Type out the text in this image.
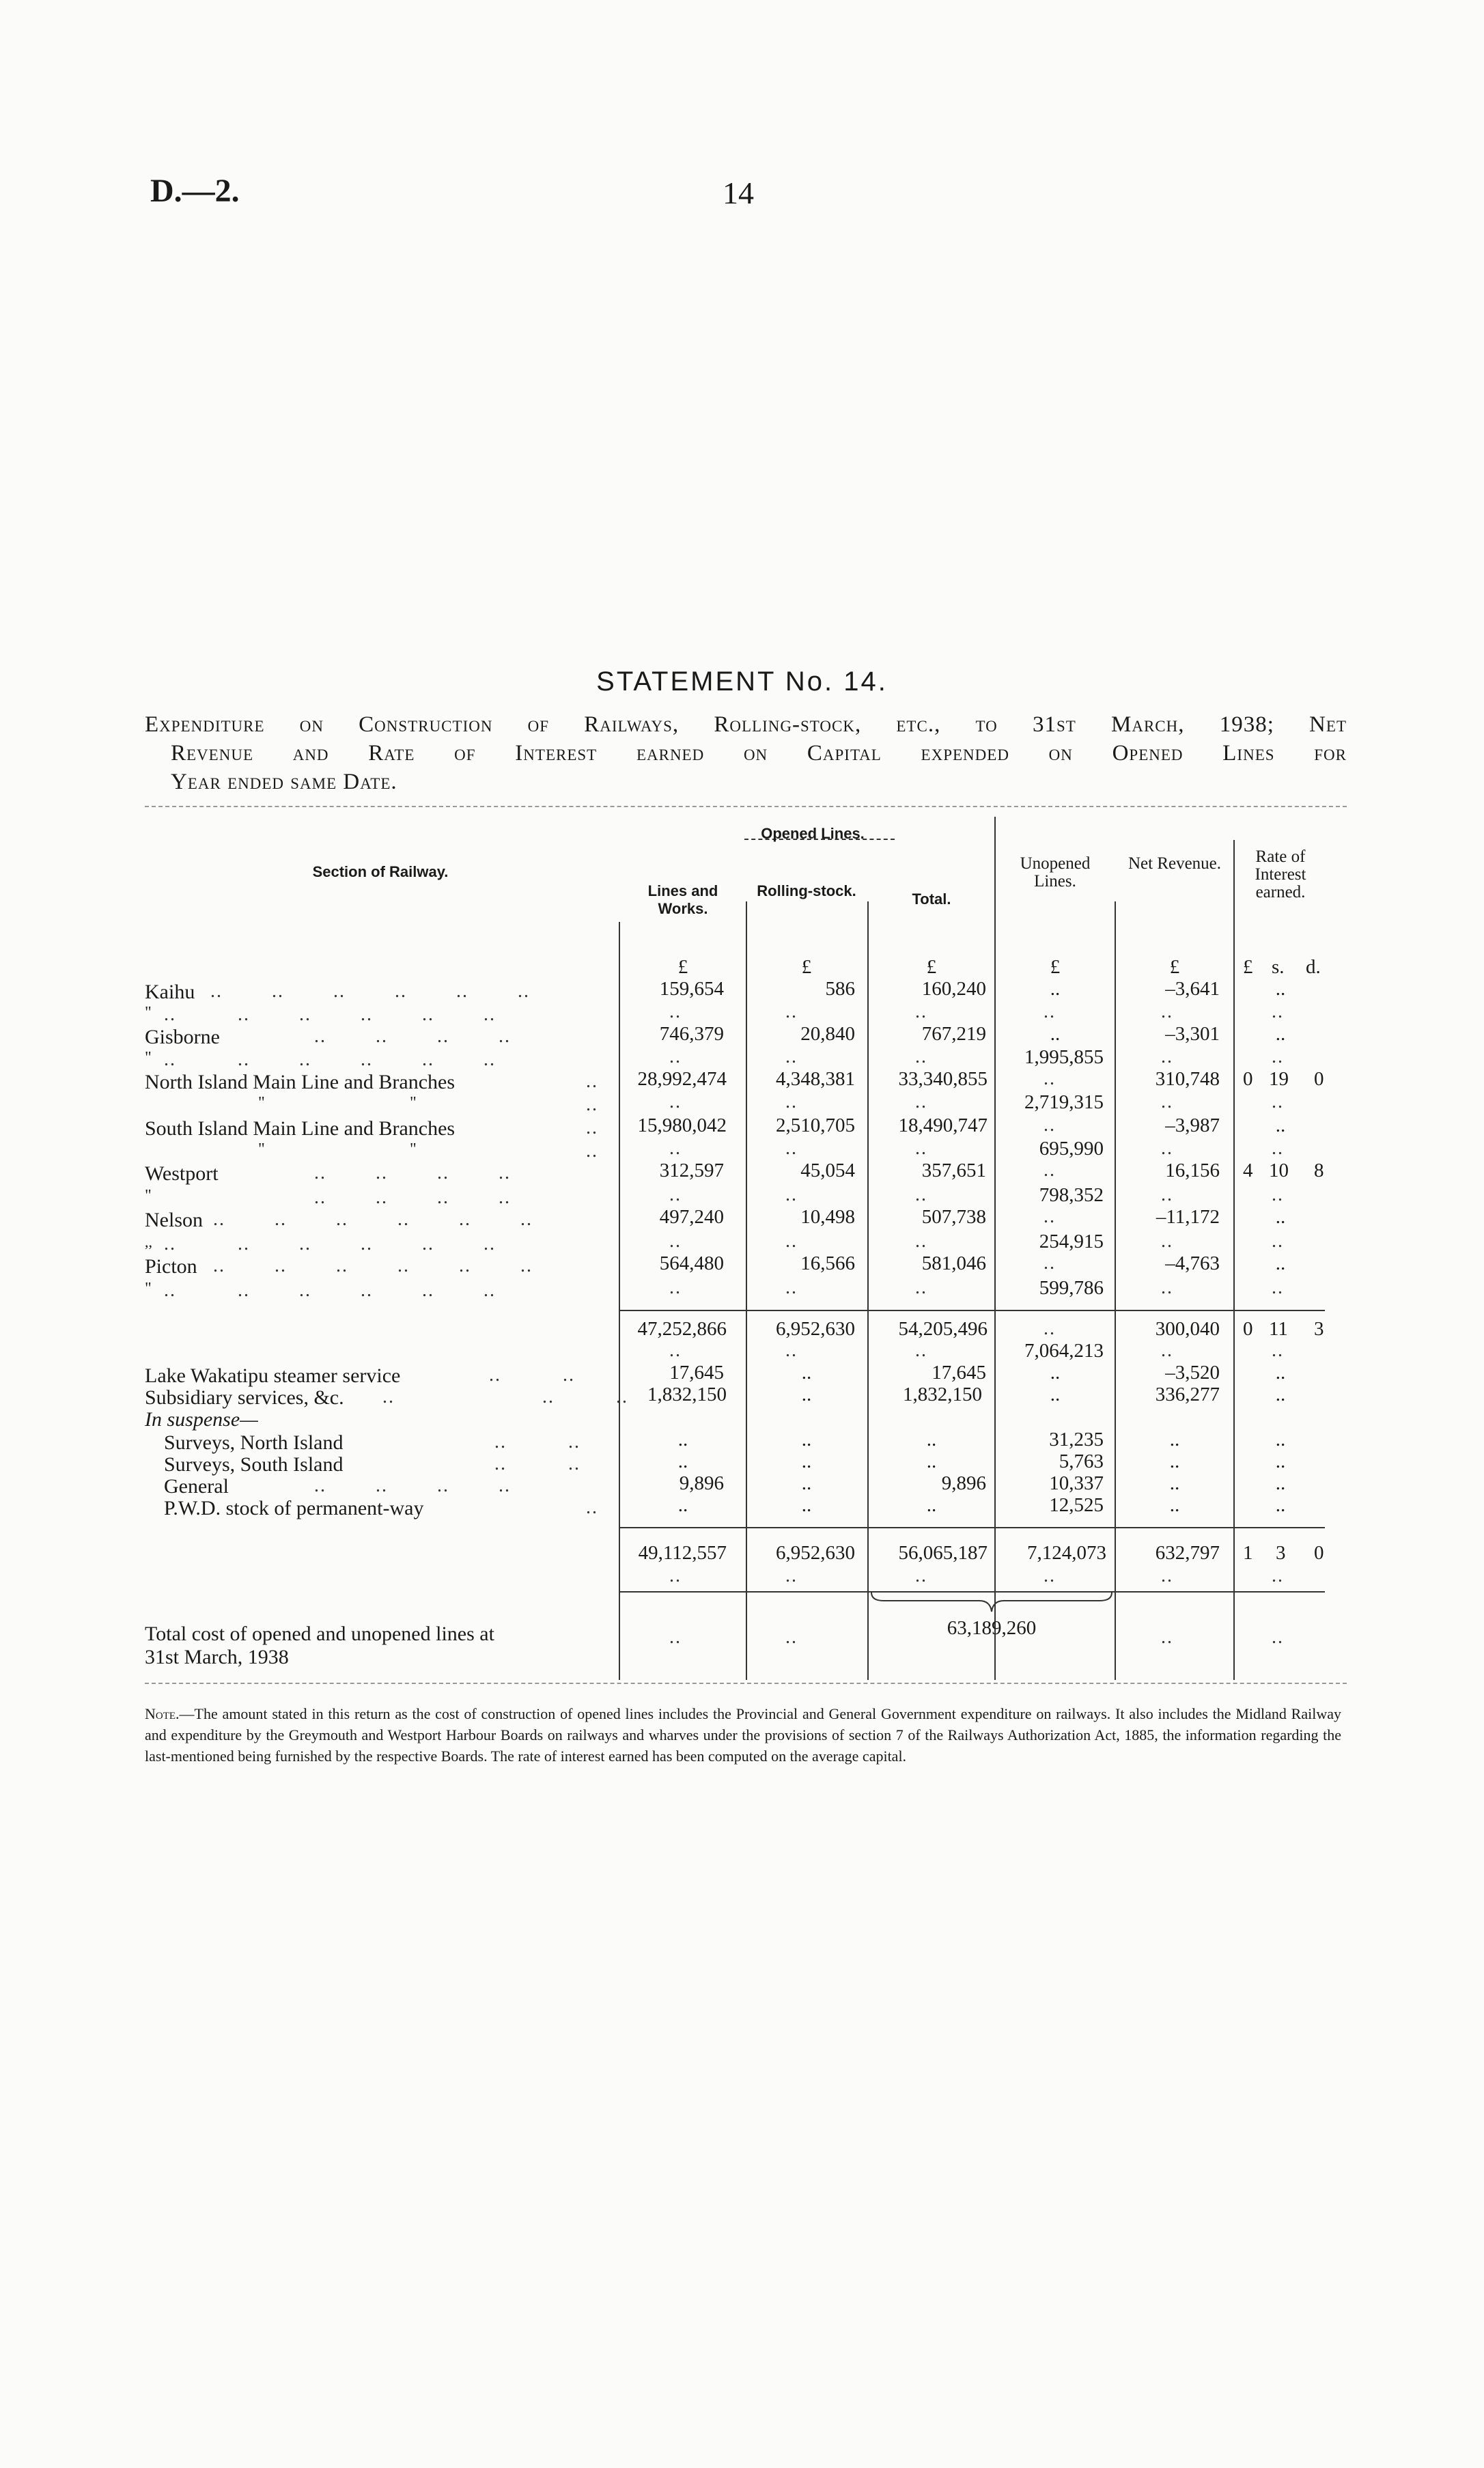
D.—2.	14
STATEMENT No. 14.
Expenditure on Construction of Railways, Rolling-stock, etc., to 31st March, 1938; Net
Revenue and Rate of Interest earned on Capital expended on Opened Lines for
Year ended same Date.
Section of Railway.
Opened Lines.
Lines and Works.
Rolling-stock.	Total.
Unopened Lines.
Net Revenue.	Rate of Interest earned.
£	£	£	£	£	£ s. d.
Kaihu ..        ..        ..        ..        ..        ..	159,654	586	160,240	..	–3,641	..
" ..          ..        ..        ..        ..        ..	..	..	..	..	..	..
Gisborne	..        ..        ..        ..	746,379	20,840	767,219	..	–3,301	..
" ..          ..        ..        ..        ..        ..	..	..	..	1,995,855	..	..
North Island Main Line and Branches	..	28,992,474	4,348,381	33,340,855	..	310,748 0 19 0
"	"	..	..	..	..	2,719,315	..	..
South Island Main Line and Branches	..	15,980,042	2,510,705	18,490,747	..	–3,987	..
"	"	..	..	..	..	695,990	..	..
Westport	..        ..        ..        ..	312,597	45,054	357,651	..	16,156 4 10 8
"	..        ..        ..        ..	..	..	..	798,352	..	..
Nelson ..        ..        ..        ..        ..        ..	497,240	10,498	507,738	..	–11,172	..
,, ..          ..        ..        ..        ..        ..	..	..	..	254,915	..	..
Picton ..        ..        ..        ..        ..        ..	564,480	16,566	581,046	..	–4,763	..
" ..          ..        ..        ..        ..        ..	..	..	..	599,786	..	..
47,252,866	6,952,630	54,205,496	..	300,040 0 11 3
..	..	..	7,064,213	..	..
Lake Wakatipu steamer service	..          ..	17,645	..	17,645	..	–3,520	..
Subsidiary services, &c. ..                        ..          .. 1,832,150	..	1,832,150	..	336,277	..
In suspense—
Surveys, North Island	..          ..	..	..	..	31,235	..	..
Surveys, South Island	..          ..	..	..	..	5,763	..	..
General	..        ..        ..        ..	9,896	..	9,896	10,337	..	..
P.W.D. stock of permanent-way	..	..	..	..	12,525	..	..
49,112,557	6,952,630	56,065,187	7,124,073	632,797 1 3 0
..	..	..	..	..	..
Total cost of opened and unopened lines at
31st March, 1938
..	..	63,189,260	..	..
Note.—The amount stated in this return as the cost of construction of opened lines includes the Provincial and General Government expenditure on railways. It also includes the Midland Railway and expenditure by the Greymouth and Westport Harbour Boards on railways and wharves under the provisions of section 7 of the Railways Authorization Act, 1885, the information regarding the last-mentioned being furnished by the respective Boards. The rate of interest earned has been computed on the average capital.
